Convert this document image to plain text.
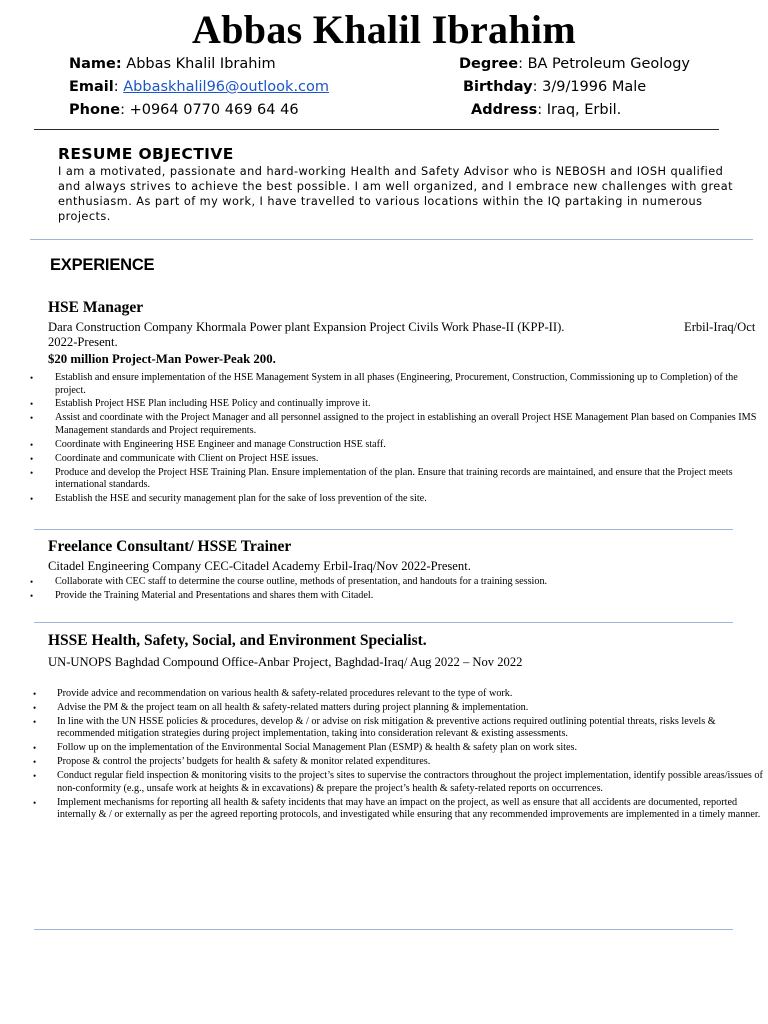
Abbas Khalil Ibrahim
Name: Abbas Khalil Ibrahim
Email: Abbaskhalil96@outlook.com
Phone: +0964 0770 469 64 46
Degree: BA Petroleum Geology
Birthday: 3/9/1996 Male
Address: Iraq, Erbil.
RESUME OBJECTIVE
I am a motivated, passionate and hard-working Health and Safety Advisor who is NEBOSH and IOSH qualified and always strives to achieve the best possible. I am well organized, and I embrace new challenges with great enthusiasm. As part of my work, I have travelled to various locations within the IQ partaking in numerous projects.
EXPERIENCE
HSE Manager
Dara Construction Company Khormala Power plant Expansion Project Civils Work Phase-II (KPP-II).	Erbil-Iraq/Oct
2022-Present.
$20 million Project-Man Power-Peak 200.
• Establish and ensure implementation of the HSE Management System in all phases (Engineering, Procurement, Construction, Commissioning up to Completion) of the project.
• Establish Project HSE Plan including HSE Policy and continually improve it.
• Assist and coordinate with the Project Manager and all personnel assigned to the project in establishing an overall Project HSE Management Plan based on Companies IMS Management standards and Project requirements.
• Coordinate with Engineering HSE Engineer and manage Construction HSE staff.
• Coordinate and communicate with Client on Project HSE issues.
• Produce and develop the Project HSE Training Plan. Ensure implementation of the plan. Ensure that training records are maintained, and ensure that the Project meets international standards.
• Establish the HSE and security management plan for the sake of loss prevention of the site.
Freelance Consultant/ HSSE Trainer
Citadel Engineering Company CEC-Citadel Academy Erbil-Iraq/Nov 2022-Present.
• Collaborate with CEC staff to determine the course outline, methods of presentation, and handouts for a training session.
• Provide the Training Material and Presentations and shares them with Citadel.
HSSE Health, Safety, Social, and Environment Specialist.
UN-UNOPS Baghdad Compound Office-Anbar Project, Baghdad-Iraq/ Aug 2022 – Nov 2022
• Provide advice and recommendation on various health & safety-related procedures relevant to the type of work.
• Advise the PM & the project team on all health & safety-related matters during project planning & implementation.
• In line with the UN HSSE policies & procedures, develop & / or advise on risk mitigation & preventive actions required outlining potential threats, risks levels & recommended mitigation strategies during project implementation, taking into consideration relevant & existing assessments.
• Follow up on the implementation of the Environmental Social Management Plan (ESMP) & health & safety plan on work sites.
• Propose & control the projects’ budgets for health & safety & monitor related expenditures.
• Conduct regular field inspection & monitoring visits to the project’s sites to supervise the contractors throughout the project implementation, identify possible areas/issues of non-conformity (e.g., unsafe work at heights & in excavations) & prepare the project’s health & safety-related reports on occurrences.
• Implement mechanisms for reporting all health & safety incidents that may have an impact on the project, as well as ensure that all accidents are documented, reported internally & / or externally as per the agreed reporting protocols, and investigated while ensuring that any recommended improvements are implemented in a timely manner.
